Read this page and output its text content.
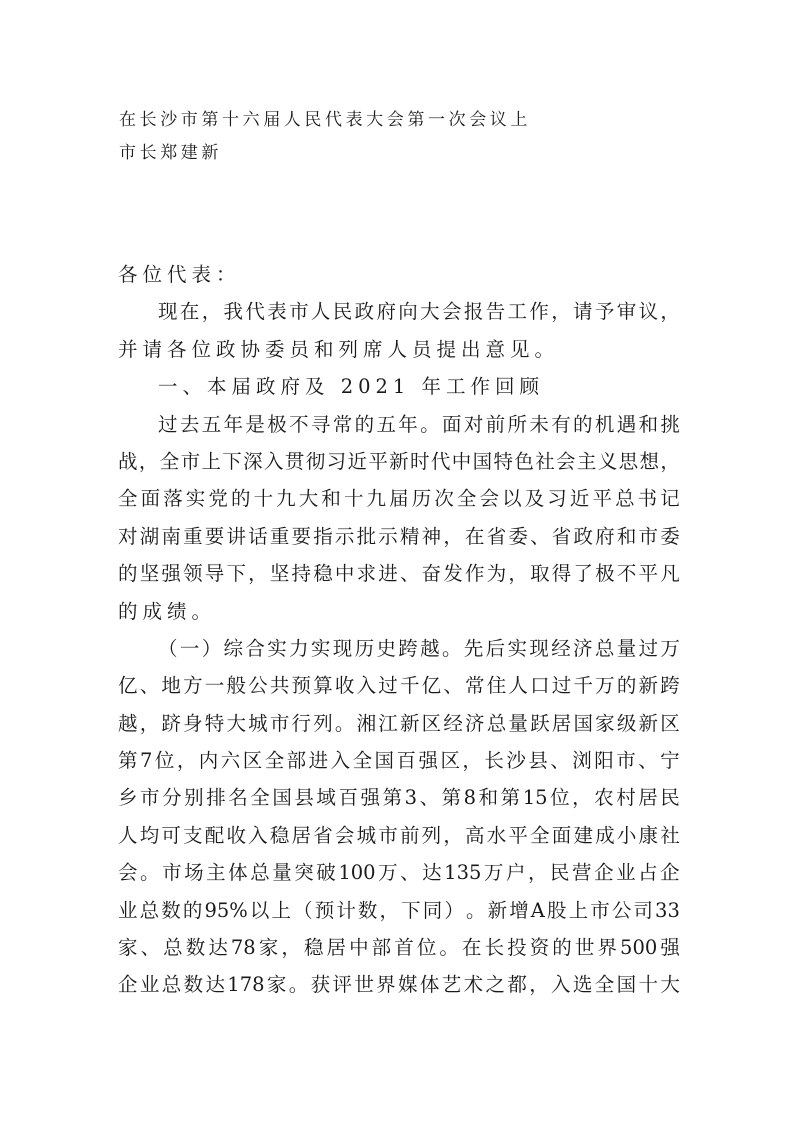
在长沙市第十六届人民代表大会第一次会议上
市长郑建新
各位代表：
现 在 ， 我 代 表 市 人 民 政 府 向 大 会 报 告 工 作 ， 请 予 审 议 ，
并请各位政协委员和列席人员提出意见。
一、本届政府及 2021 年工作回顾
过 去 五 年 是 极 不 寻 常 的 五 年 。 面 对 前 所 未 有 的 机 遇 和 挑
战 ， 全 市 上 下 深 入 贯 彻 习 近 平 新 时 代 中 国 特 色 社 会 主 义 思 想 ，
全 面 落 实 党 的 十 九 大 和 十 九 届 历 次 全 会 以 及 习 近 平 总 书 记
对 湖 南 重 要 讲 话 重 要 指 示 批 示 精 神 ， 在 省 委 、 省 政 府 和 市 委
的 坚 强 领 导 下 ， 坚 持 稳 中 求 进 、 奋 发 作 为 ， 取 得 了 极 不 平 凡
的成绩。
（ 一 ） 综 合 实 力 实 现 历 史 跨 越 。 先 后 实 现 经 济 总 量 过 万
亿 、 地 方 一 般 公 共 预 算 收 入 过 千 亿 、 常 住 人 口 过 千 万 的 新 跨
越 ， 跻 身 特 大 城 市 行 列 。 湘 江 新 区 经 济 总 量 跃 居 国 家 级 新 区
第 7 位 ， 内 六 区 全 部 进 入 全 国 百 强 区 ， 长 沙 县 、 浏 阳 市 、 宁
乡 市 分 别 排 名 全 国 县 域 百 强 第 3 、 第 8 和 第 15 位 ， 农 村 居 民
人 均 可 支 配 收 入 稳 居 省 会 城 市 前 列 ， 高 水 平 全 面 建 成 小 康 社
会 。 市 场 主 体 总 量 突 破 100 万 、 达 135 万 户 ， 民 营 企 业 占 企
业 总 数 的 95% 以 上 （ 预 计 数 ， 下 同 ） 。 新 增 A 股 上 市 公 司 33
家 、 总 数 达 78 家 ， 稳 居 中 部 首 位 。 在 长 投 资 的 世 界 500 强
企 业 总 数 达 178 家 。 获 评 世 界 媒 体 艺 术 之 都 ， 入 选 全 国 十 大
